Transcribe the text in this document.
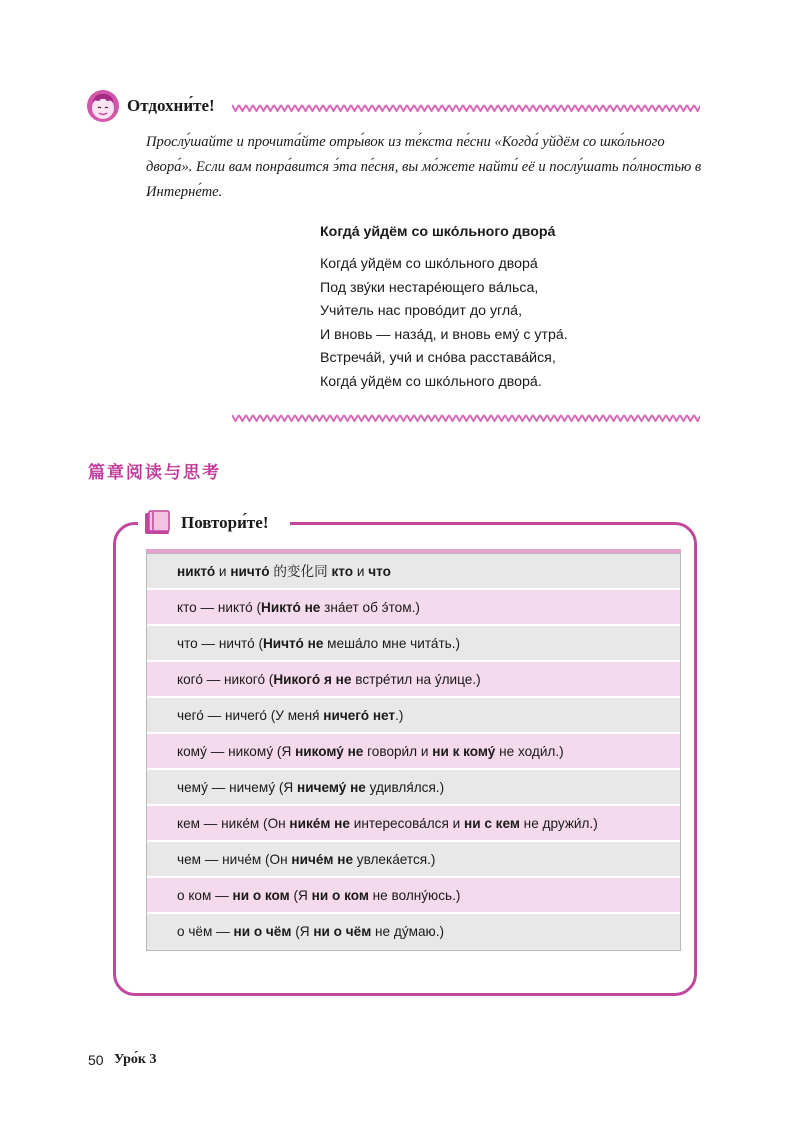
Отдохни́те!

Прослу́шайте и прочита́йте отры́вок из те́кста пе́сни «Когда́ уйдём со шко́льного двора́». Если вам понра́вится э́та пе́сня, вы мо́жете найти́ её и послу́шать по́лностью в Интерне́те.

Когда́ уйдём со шко́льного двора́

Когда́ уйдём со шко́льного двора́

Под зву́ки нестаре́ющего ва́льса,

Учи́тель нас прово́дит до угла́,

И вновь — наза́д, и вновь ему́ с утра́.

Встреча́й, учи́ и сно́ва расстава́йся,

Когда́ уйдём со шко́льного двора́.

篇章阅读与思考
Повтори́те!
никто́ и ничто́ 的变化同 кто и что
кто — никто́ (Никто́ не зна́ет об э́том.)
что — ничто́ (Ничто́ не меша́ло мне чита́ть.)
кого́ — никого́ (Никого́ я не встре́тил на у́лице.)
чего́ — ничего́ (У меня́ ничего́ нет.)
кому́ — никому́ (Я никому́ не говори́л и ни к кому́ не ходи́л.)
чему́ — ничему́ (Я ничему́ не удивля́лся.)
кем — нике́м (Он нике́м не интересова́лся и ни с кем не дружи́л.)
чем — ниче́м (Он ниче́м не увлека́ется.)
о ком — ни о ком (Я ни о ком не волну́юсь.)
о чём — ни о чём (Я ни о чём не ду́маю.)
50 Уро́к 3
